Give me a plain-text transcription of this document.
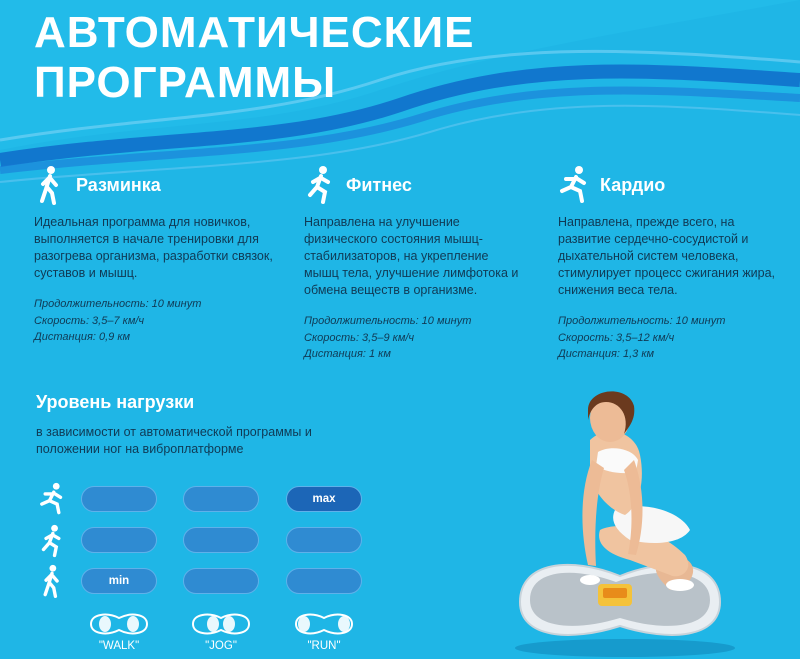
АВТОМАТИЧЕСКИЕ
ПРОГРАММЫ
Разминка
Идеальная программа для новичков, выполняется в начале тренировки для разогрева организма, разработки связок, суставов и мышц.
Продолжительность: 10 минут
Скорость: 3,5–7 км/ч
Дистанция: 0,9 км
Фитнес
Направлена на улучшение физического состояния мышц-стабилизаторов, на укрепление мышц тела, улучшение лимфотока и обмена веществ в организме.
Продолжительность: 10 минут
Скорость: 3,5–9 км/ч
Дистанция: 1 км
Кардио
Направлена, прежде всего, на развитие сердечно-сосудистой и дыхательной систем человека, стимулирует процесс сжигания жира, снижения веса тела.
Продолжительность: 10 минут
Скорость: 3,5–12 км/ч
Дистанция: 1,3 км
Уровень нагрузки
в зависимости от автоматической программы и положении ног на виброплатформе
max
min
"WALK"	"JOG"	"RUN"
